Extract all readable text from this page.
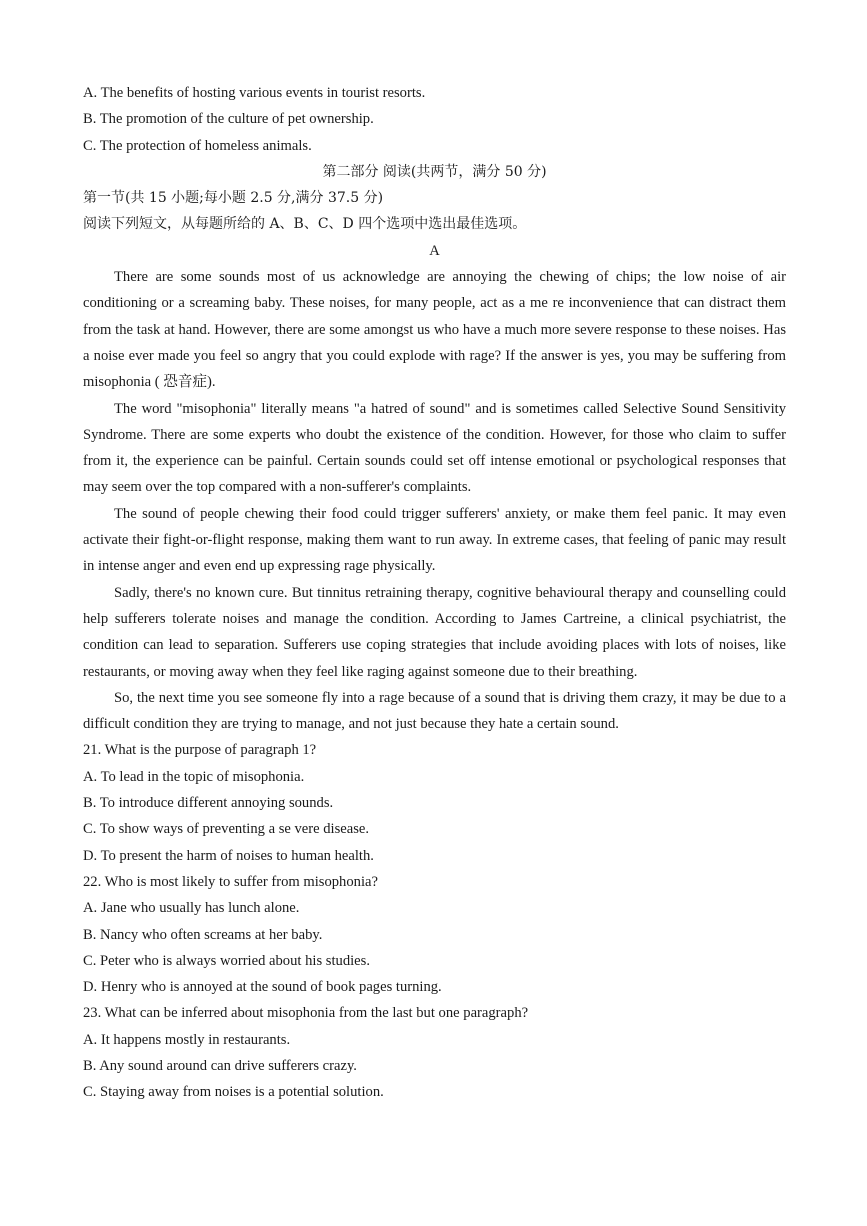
A. The benefits of hosting various events in tourist resorts.
B. The promotion of the culture of pet ownership.
C. The protection of homeless animals.
第二部分 阅读(共两节，满分 50 分)
第一节(共 15 小题;每小题 2.5 分,满分 37.5 分)
阅读下列短文，从每题所给的 A、B、C、D 四个选项中选出最佳选项。
A

There are some sounds most of us acknowledge are annoying the chewing of chips; the low noise of air conditioning or a screaming baby. These noises, for many people, act as a me re inconvenience that can distract them from the task at hand. However, there are some amongst us who have a much more severe response to these noises. Has a noise ever made you feel so angry that you could explode with rage? If the answer is yes, you may be suffering from misophonia ( 恐音症).

The word "misophonia" literally means "a hatred of sound" and is sometimes called Selective Sound Sensitivity Syndrome. There are some experts who doubt the existence of the condition. However, for those who claim to suffer from it, the experience can be painful. Certain sounds could set off intense emotional or psychological responses that may seem over the top compared with a non-sufferer's complaints.

The sound of people chewing their food could trigger sufferers' anxiety, or make them feel panic. It may even activate their fight-or-flight response, making them want to run away. In extreme cases, that feeling of panic may result in intense anger and even end up expressing rage physically.

Sadly, there's no known cure. But tinnitus retraining therapy, cognitive behavioural therapy and counselling could help sufferers tolerate noises and manage the condition. According to James Cartreine, a clinical psychiatrist, the condition can lead to separation. Sufferers use coping strategies that include avoiding places with lots of noises, like restaurants, or moving away when they feel like raging against someone due to their breathing.

So, the next time you see someone fly into a rage because of a sound that is driving them crazy, it may be due to a difficult condition they are trying to manage, and not just because they hate a certain sound.

21. What is the purpose of paragraph 1?
A. To lead in the topic of misophonia.
B. To introduce different annoying sounds.
C. To show ways of preventing a se vere disease.
D. To present the harm of noises to human health.
22. Who is most likely to suffer from misophonia?
A. Jane who usually has lunch alone.
B. Nancy who often screams at her baby.
C. Peter who is always worried about his studies.
D. Henry who is annoyed at the sound of book pages turning.
23. What can be inferred about misophonia from the last but one paragraph?
A. It happens mostly in restaurants.
B. Any sound around can drive sufferers crazy.
C. Staying away from noises is a potential solution.
